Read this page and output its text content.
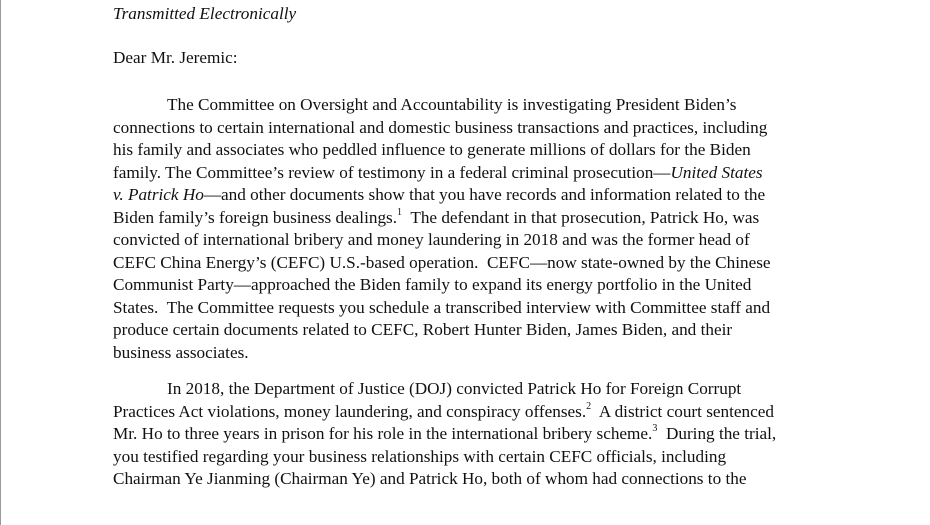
Transmitted Electronically
Dear Mr. Jeremic:
The Committee on Oversight and Accountability is investigating President Biden’s
connections to certain international and domestic business transactions and practices, including
his family and associates who peddled influence to generate millions of dollars for the Biden
family. The Committee’s review of testimony in a federal criminal prosecution—United States
v. Patrick Ho—and other documents show that you have records and information related to the
Biden family’s foreign business dealings.$^1$  The defendant in that prosecution, Patrick Ho, was
convicted of international bribery and money laundering in 2018 and was the former head of
CEFC China Energy’s (CEFC) U.S.-based operation.  CEFC—now state-owned by the Chinese
Communist Party—approached the Biden family to expand its energy portfolio in the United
States.  The Committee requests you schedule a transcribed interview with Committee staff and
produce certain documents related to CEFC, Robert Hunter Biden, James Biden, and their
business associates.
In 2018, the Department of Justice (DOJ) convicted Patrick Ho for Foreign Corrupt
Practices Act violations, money laundering, and conspiracy offenses.$^2$  A district court sentenced
Mr. Ho to three years in prison for his role in the international bribery scheme.$^3$  During the trial,
you testified regarding your business relationships with certain CEFC officials, including
Chairman Ye Jianming (Chairman Ye) and Patrick Ho, both of whom had connections to the
